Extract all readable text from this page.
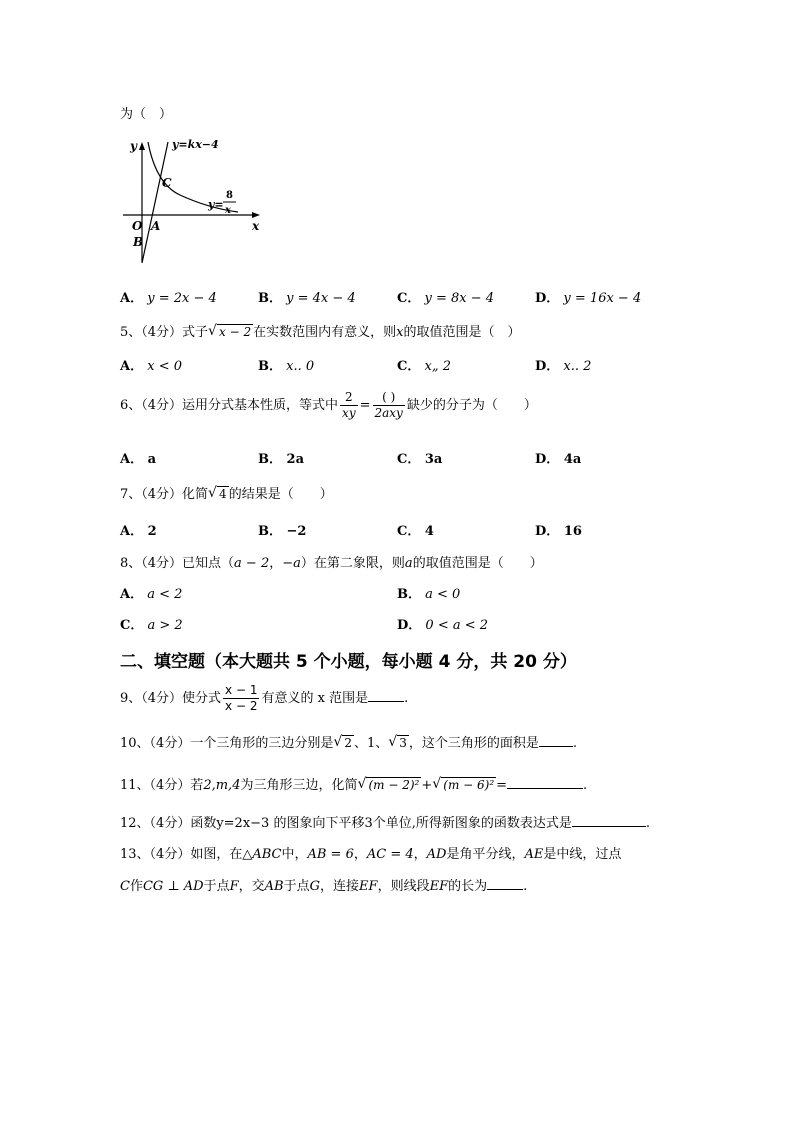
为（　）
y
x
y=kx−4
C
O A
B
y=
8
x
A． y = 2x − 4	B． y = 4x − 4	C． y = 8x − 4	D． y = 16x − 4
5、（4分）式子 √ x − 2 在实数范围内有意义，则x的取值范围是（　）
A． x < 0	B． x.. 0	C． x„ 2	D． x.. 2
6、（4分）运用分式基本性质，等式中 $\frac{2}{xy} = \frac{( )}{\text{2axy}}$ 缺少的分子为（　　）
A． a	B． 2a	C． 3a	D． 4a
7、（4分）化简 √ 4 的结果是（　　）
A． 2	B． −2	C． 4	D． 16
8、（4分）已知点（a − 2，−a）在第二象限，则a的取值范围是（　　）
A． a < 2	B． a < 0
C． a > 2	D． 0 < a < 2
二、填空题（本大题共 5 个小题，每小题 4 分，共 20 分）
9、（4分）使分式 $\frac{x - 1}{x - 2}$ 有意义的 x 范围是	.
10、（4分）一个三角形的三边分别是 √ 2 、1、 √ 3 ，这个三角形的面积是	.
11、（4分）若2,m,4为三角形三边，化简 √ (m − 2)² + √ (m − 6)² =	.
12、（4分）函数y=2x−3 的图象向下平移3个单位,所得新图象的函数表达式是	.
13、（4分）如图，在△ABC中，AB = 6，AC = 4，AD是角平分线，AE是中线，过点
C作CG ⊥ AD于点F，交AB于点G，连接EF，则线段EF的长为	.
